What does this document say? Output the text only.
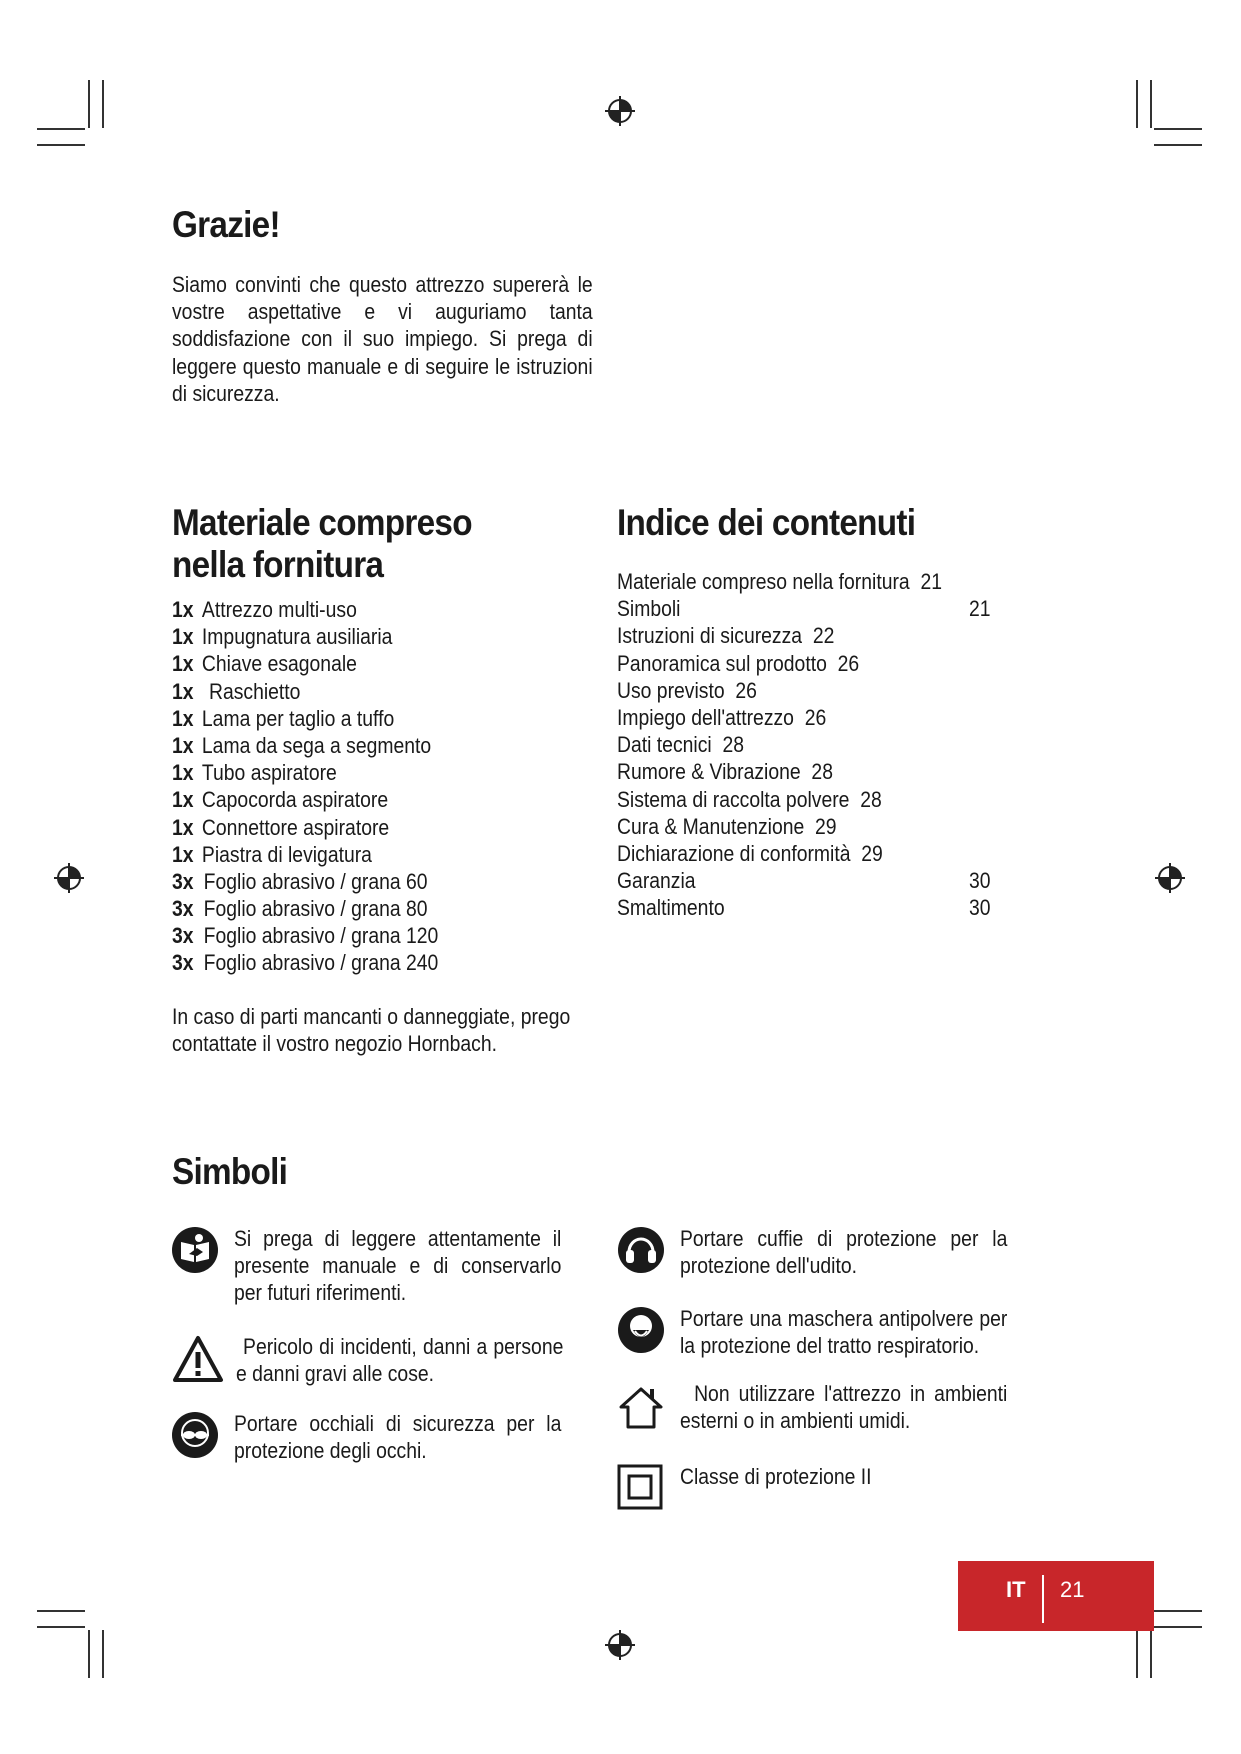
Grazie!

Siamo convinti che questo attrezzo supererà le vostre aspettative e vi auguriamo tanta soddisfazione con il suo impiego. Si prega di leggere questo manuale e di seguire le istruzioni di sicurezza.

Materiale compreso
nella fornitura
1x Attrezzo multi-uso
1x Impugnatura ausiliaria
1x Chiave esagonale
1x Raschietto
1x Lama per taglio a tuffo
1x Lama da sega a segmento
1x Tubo aspiratore
1x Capocorda aspiratore
1x Connettore aspiratore
1x Piastra di levigatura
3x Foglio abrasivo / grana 60
3x Foglio abrasivo / grana 80
3x Foglio abrasivo / grana 120
3x Foglio abrasivo / grana 240

In caso di parti mancanti o danneggiate, prego contattate il vostro negozio Hornbach.

Indice dei contenuti
Materiale compreso nella fornitura 21
Simboli	21
Istruzioni di sicurezza 22
Panoramica sul prodotto 26
Uso previsto 26
Impiego dell'attrezzo 26
Dati tecnici 28
Rumore & Vibrazione 28
Sistema di raccolta polvere 28
Cura & Manutenzione 29
Dichiarazione di conformità 29
Garanzia	30
Smaltimento	30
Simboli

Si prega di leggere attentamente il presente manuale e di conservarlo per futuri riferimenti.

Pericolo di incidenti, danni a persone e danni gravi alle cose.

Portare occhiali di sicurezza per la protezione degli occhi.

Portare cuffie di protezione per la protezione dell'udito.

Portare una maschera antipolvere per la protezione del tratto respiratorio.

Non utilizzare l'attrezzo in ambienti esterni o in ambienti umidi.

Classe di protezione II

IT 21
